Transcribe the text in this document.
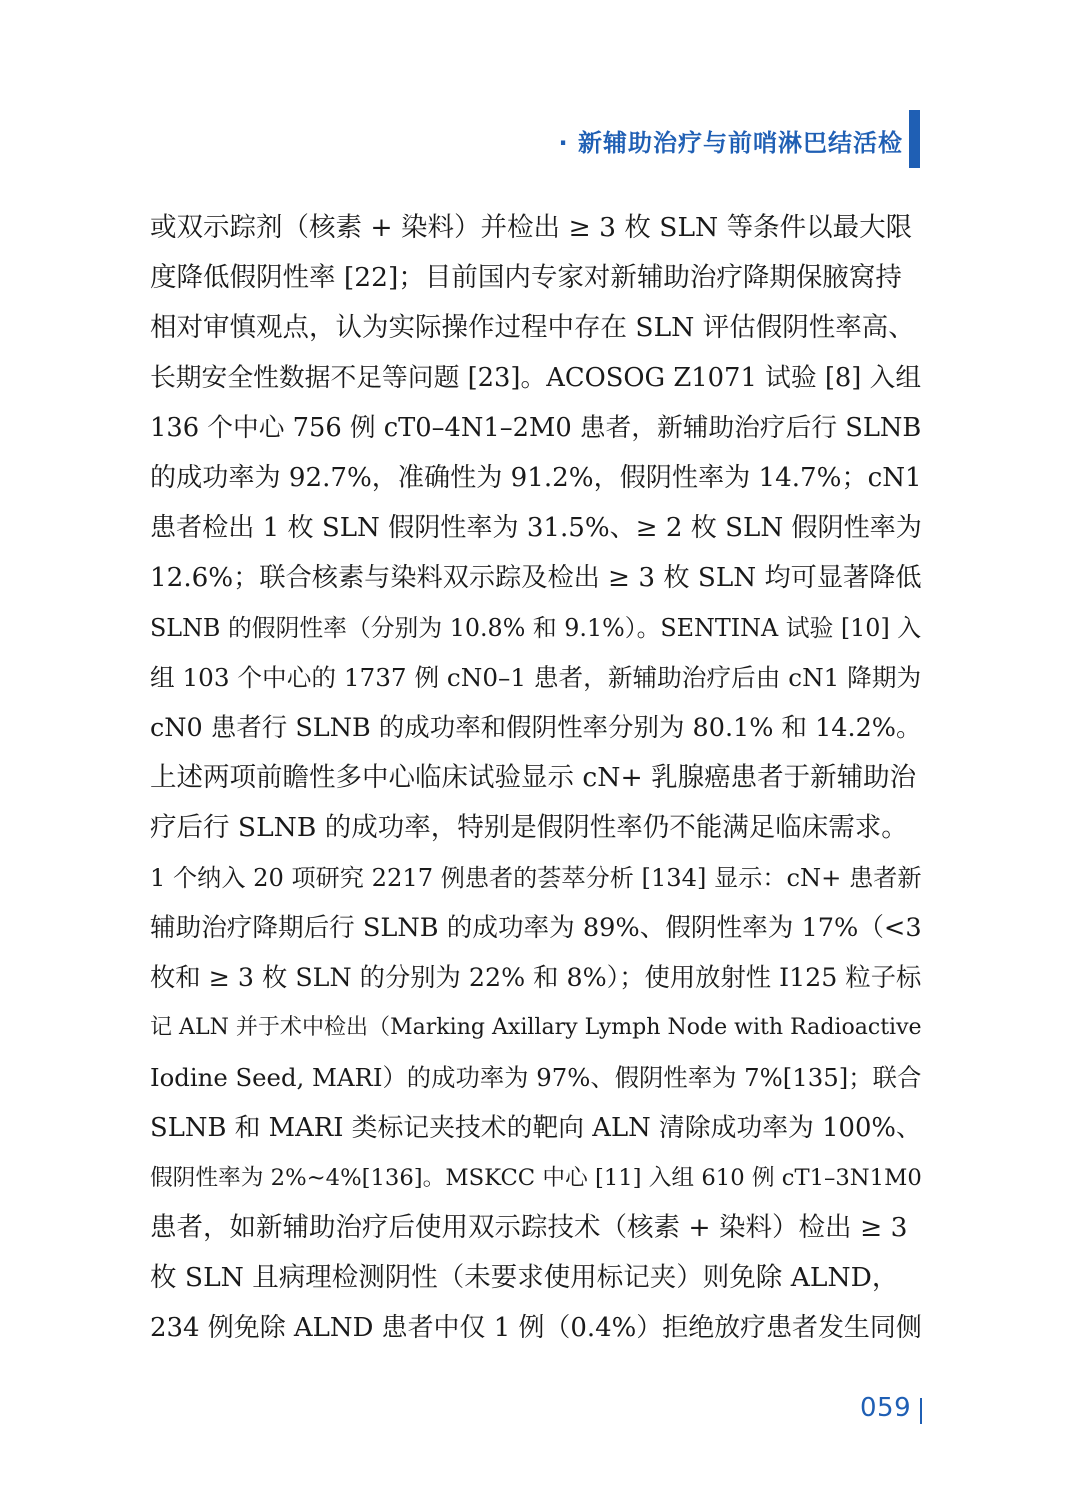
· 新辅助治疗与前哨淋巴结活检
或双示踪剂（核素 + 染料）并检出 ≥ 3 枚 SLN 等条件以最大限
度降低假阴性率 [22]；目前国内专家对新辅助治疗降期保腋窝持
相对审慎观点，认为实际操作过程中存在 SLN 评估假阴性率高、
长期安全性数据不足等问题 [23]。ACOSOG Z1071 试验 [8] 入组
136 个中心 756 例 cT0–4N1–2M0 患者，新辅助治疗后行 SLNB
的成功率为 92.7%，准确性为 91.2%，假阴性率为 14.7%；cN1
患者检出 1 枚 SLN 假阴性率为 31.5%、≥ 2 枚 SLN 假阴性率为
12.6%；联合核素与染料双示踪及检出 ≥ 3 枚 SLN 均可显著降低
SLNB 的假阴性率（分别为 10.8% 和 9.1%）。SENTINA 试验 [10] 入
组 103 个中心的 1737 例 cN0–1 患者，新辅助治疗后由 cN1 降期为
cN0 患者行 SLNB 的成功率和假阴性率分别为 80.1% 和 14.2%。
上述两项前瞻性多中心临床试验显示 cN+ 乳腺癌患者于新辅助治
疗后行 SLNB 的成功率，特别是假阴性率仍不能满足临床需求。
1 个纳入 20 项研究 2217 例患者的荟萃分析 [134] 显示：cN+ 患者新
辅助治疗降期后行 SLNB 的成功率为 89%、假阴性率为 17%（<3
枚和 ≥ 3 枚 SLN 的分别为 22% 和 8%）；使用放射性 I125 粒子标
记 ALN 并于术中检出（Marking Axillary Lymph Node with Radioactive
Iodine Seed, MARI）的成功率为 97%、假阴性率为 7%[135]；联合
SLNB 和 MARI 类标记夹技术的靶向 ALN 清除成功率为 100%、
假阴性率为 2%~4%[136]。MSKCC 中心 [11] 入组 610 例 cT1–3N1M0
患者，如新辅助治疗后使用双示踪技术（核素 + 染料）检出 ≥ 3
枚 SLN 且病理检测阴性（未要求使用标记夹）则免除 ALND，
234 例免除 ALND 患者中仅 1 例（0.4%）拒绝放疗患者发生同侧
059
